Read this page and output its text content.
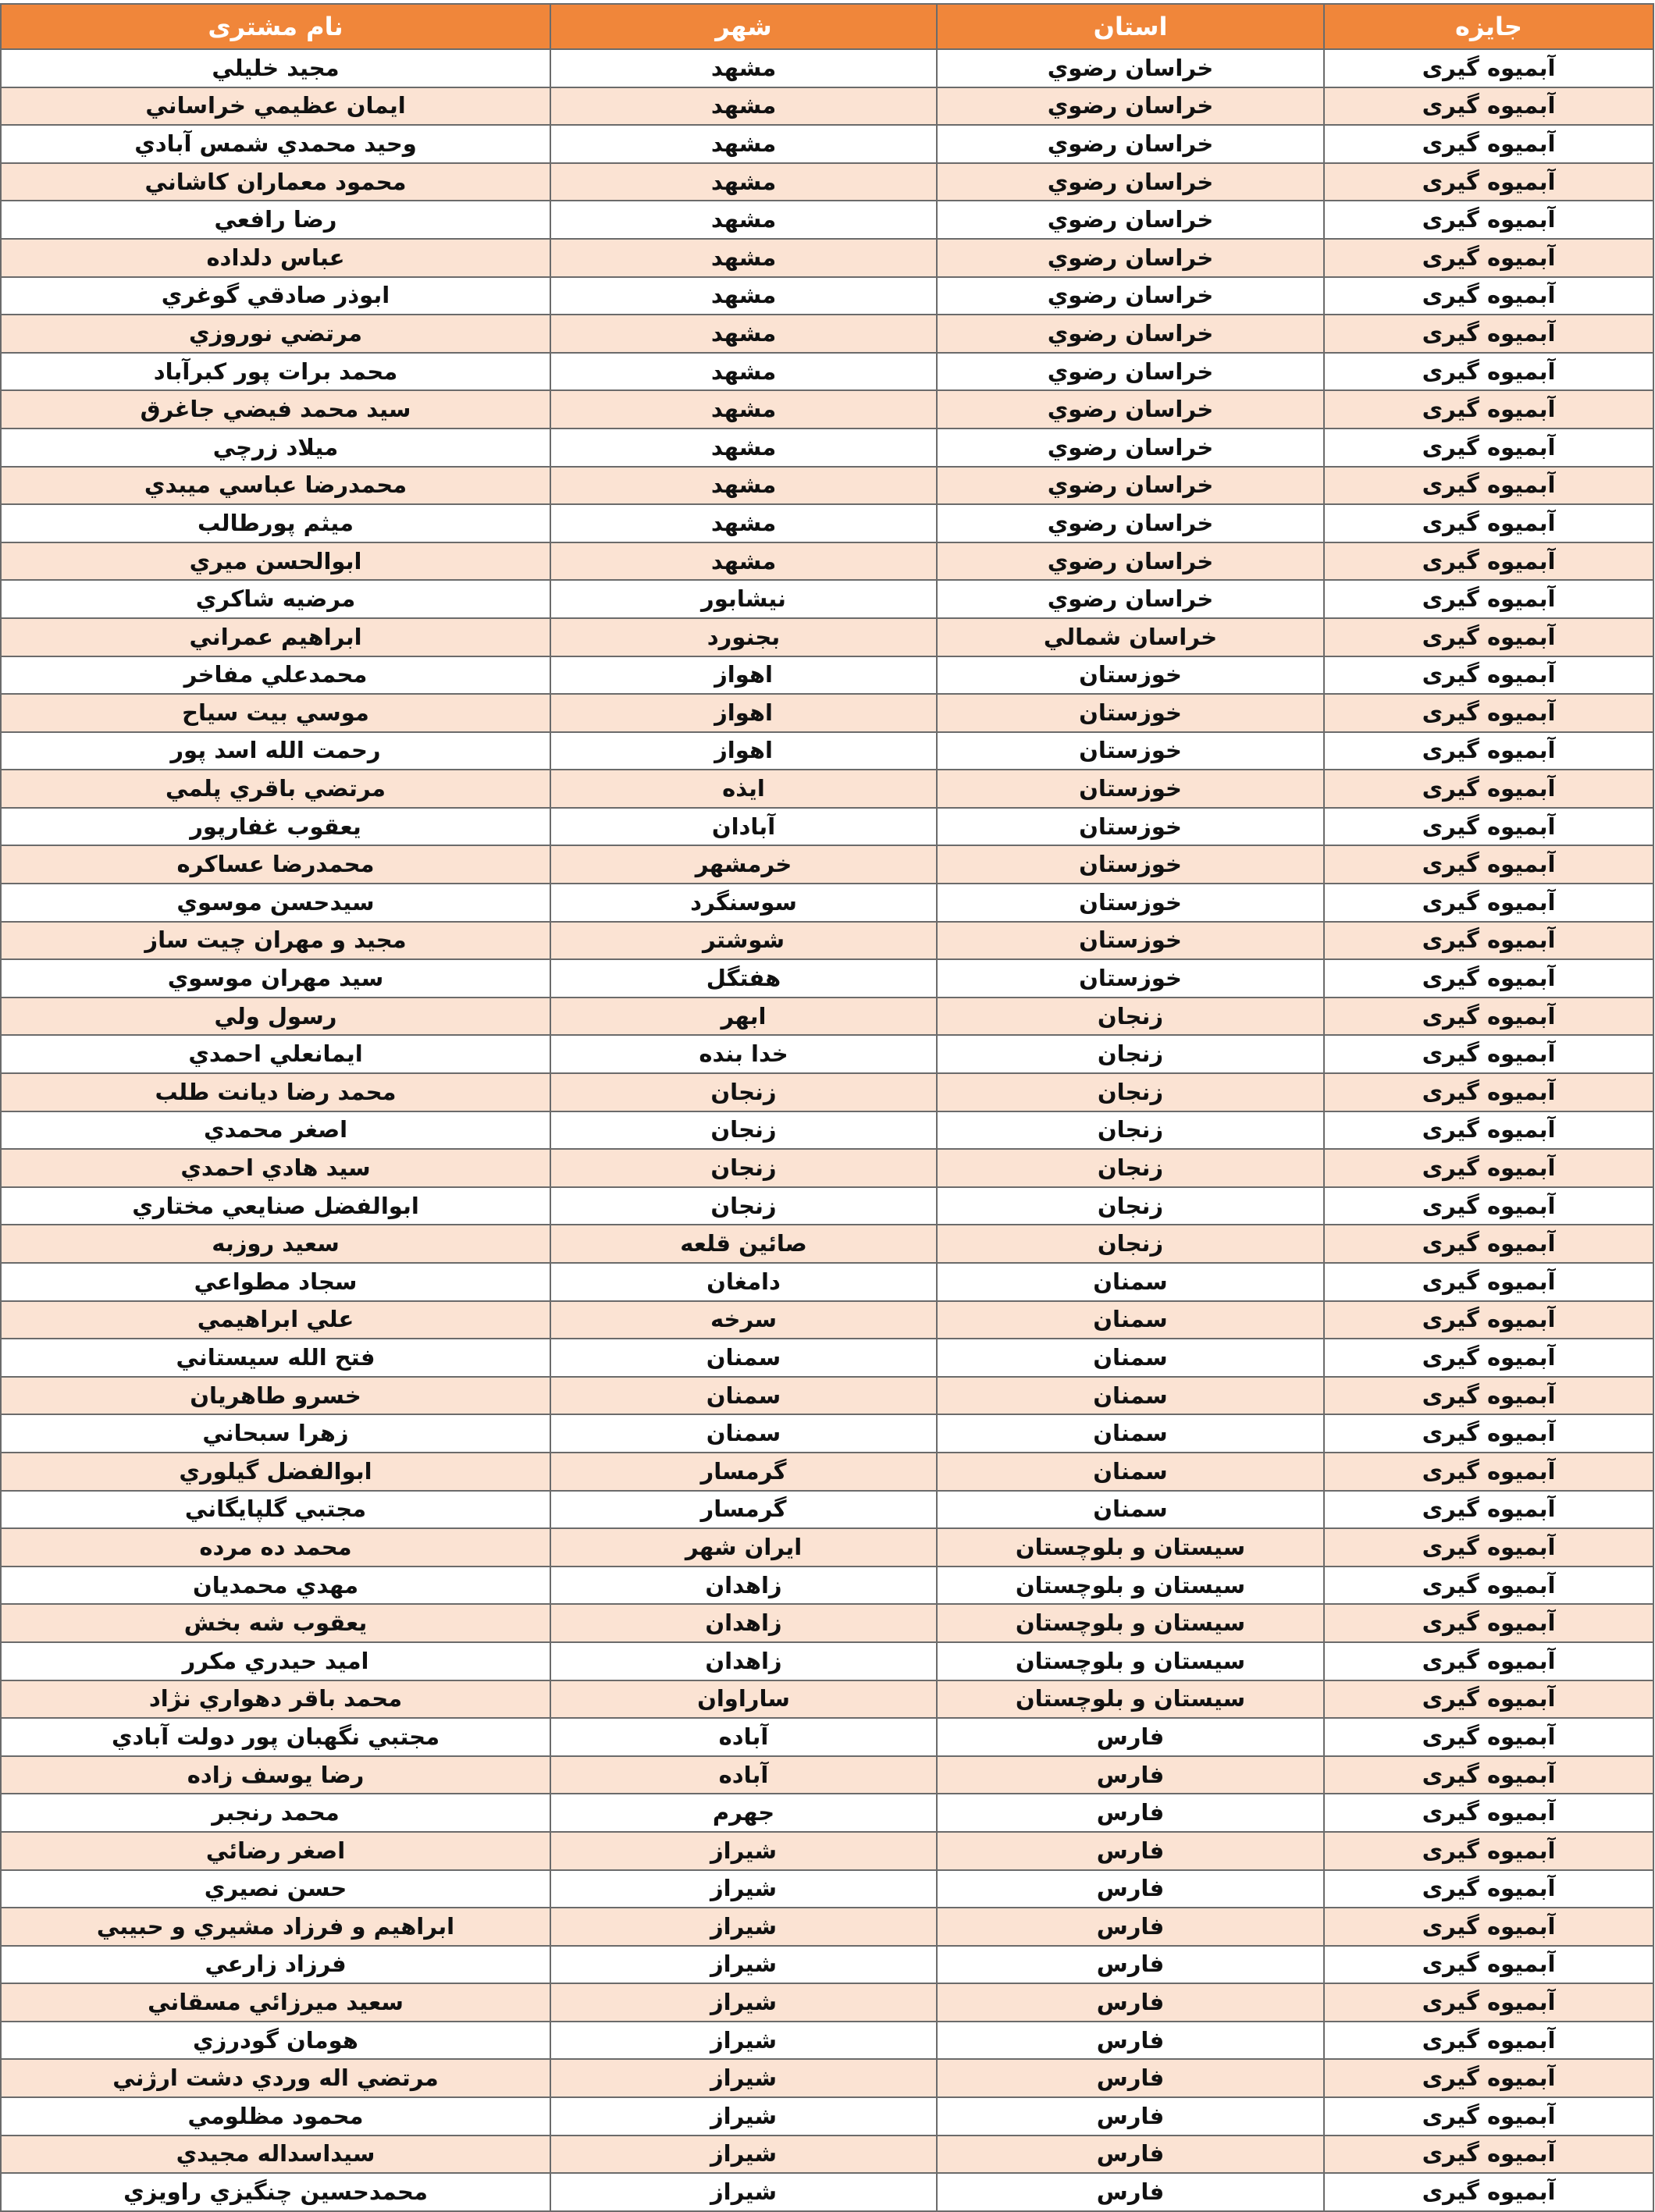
جایزه	استان	شهر	نام مشتری
آبمیوه گیری	خراسان رضوي	مشهد	مجيد خليلي
آبمیوه گیری	خراسان رضوي	مشهد	ايمان عظيمي خراساني
آبمیوه گیری	خراسان رضوي	مشهد	وحيد محمدي شمس آبادي
آبمیوه گیری	خراسان رضوي	مشهد	محمود معماران كاشاني
آبمیوه گیری	خراسان رضوي	مشهد	رضا رافعي
آبمیوه گیری	خراسان رضوي	مشهد	عباس دلداده
آبمیوه گیری	خراسان رضوي	مشهد	ابوذر صادقي گوغري
آبمیوه گیری	خراسان رضوي	مشهد	مرتضي نوروزي
آبمیوه گیری	خراسان رضوي	مشهد	محمد برات پور كبرآباد
آبمیوه گیری	خراسان رضوي	مشهد	سيد محمد فيضي جاغرق
آبمیوه گیری	خراسان رضوي	مشهد	ميلاد زرچي
آبمیوه گیری	خراسان رضوي	مشهد	محمدرضا عباسي ميبدي
آبمیوه گیری	خراسان رضوي	مشهد	ميثم پورطالب
آبمیوه گیری	خراسان رضوي	مشهد	ابوالحسن ميري
آبمیوه گیری	خراسان رضوي	نيشابور	مرضيه شاكري
آبمیوه گیری	خراسان شمالي	بجنورد	ابراهيم عمراني
آبمیوه گیری	خوزستان	اهواز	محمدعلي مفاخر
آبمیوه گیری	خوزستان	اهواز	موسي بيت سياح
آبمیوه گیری	خوزستان	اهواز	رحمت الله اسد پور
آبمیوه گیری	خوزستان	ايذه	مرتضي باقري پلمي
آبمیوه گیری	خوزستان	آبادان	يعقوب غفارپور
آبمیوه گیری	خوزستان	خرمشهر	محمدرضا عساكره
آبمیوه گیری	خوزستان	سوسنگرد	سيدحسن موسوي
آبمیوه گیری	خوزستان	شوشتر	مجيد و مهران چيت ساز
آبمیوه گیری	خوزستان	هفتگل	سيد مهران موسوي
آبمیوه گیری	زنجان	ابهر	رسول ولي
آبمیوه گیری	زنجان	خدا بنده	ايمانعلي احمدي
آبمیوه گیری	زنجان	زنجان	محمد رضا ديانت طلب
آبمیوه گیری	زنجان	زنجان	اصغر محمدي
آبمیوه گیری	زنجان	زنجان	سيد هادي احمدي
آبمیوه گیری	زنجان	زنجان	ابوالفضل صنايعي مختاري
آبمیوه گیری	زنجان	صائين قلعه	سعيد روزبه
آبمیوه گیری	سمنان	دامغان	سجاد مطواعي
آبمیوه گیری	سمنان	سرخه	علي ابراهيمي
آبمیوه گیری	سمنان	سمنان	فتح الله سيستاني
آبمیوه گیری	سمنان	سمنان	خسرو طاهريان
آبمیوه گیری	سمنان	سمنان	زهرا سبحاني
آبمیوه گیری	سمنان	گرمسار	ابوالفضل گيلوري
آبمیوه گیری	سمنان	گرمسار	مجتبي گلپايگاني
آبمیوه گیری	سيستان و بلوچستان	ايران شهر	محمد ده مرده
آبمیوه گیری	سيستان و بلوچستان	زاهدان	مهدي محمديان
آبمیوه گیری	سيستان و بلوچستان	زاهدان	يعقوب شه بخش
آبمیوه گیری	سيستان و بلوچستان	زاهدان	اميد حيدري مكرر
آبمیوه گیری	سيستان و بلوچستان	ساراوان	محمد باقر دهواري نژاد
آبمیوه گیری	فارس	آباده	مجتبي نگهبان پور دولت آبادي
آبمیوه گیری	فارس	آباده	رضا يوسف زاده
آبمیوه گیری	فارس	جهرم	محمد رنجبر
آبمیوه گیری	فارس	شيراز	اصغر رضائي
آبمیوه گیری	فارس	شيراز	حسن نصيري
آبمیوه گیری	فارس	شيراز	ابراهيم و فرزاد مشيري و حبيبي
آبمیوه گیری	فارس	شيراز	فرزاد زارعي
آبمیوه گیری	فارس	شيراز	سعيد ميرزائي مسقاني
آبمیوه گیری	فارس	شيراز	هومان گودرزي
آبمیوه گیری	فارس	شيراز	مرتضي اله وردي دشت ارژني
آبمیوه گیری	فارس	شيراز	محمود مظلومي
آبمیوه گیری	فارس	شيراز	سيداسداله مجيدي
آبمیوه گیری	فارس	شيراز	محمدحسين چنگيزي راويزي
